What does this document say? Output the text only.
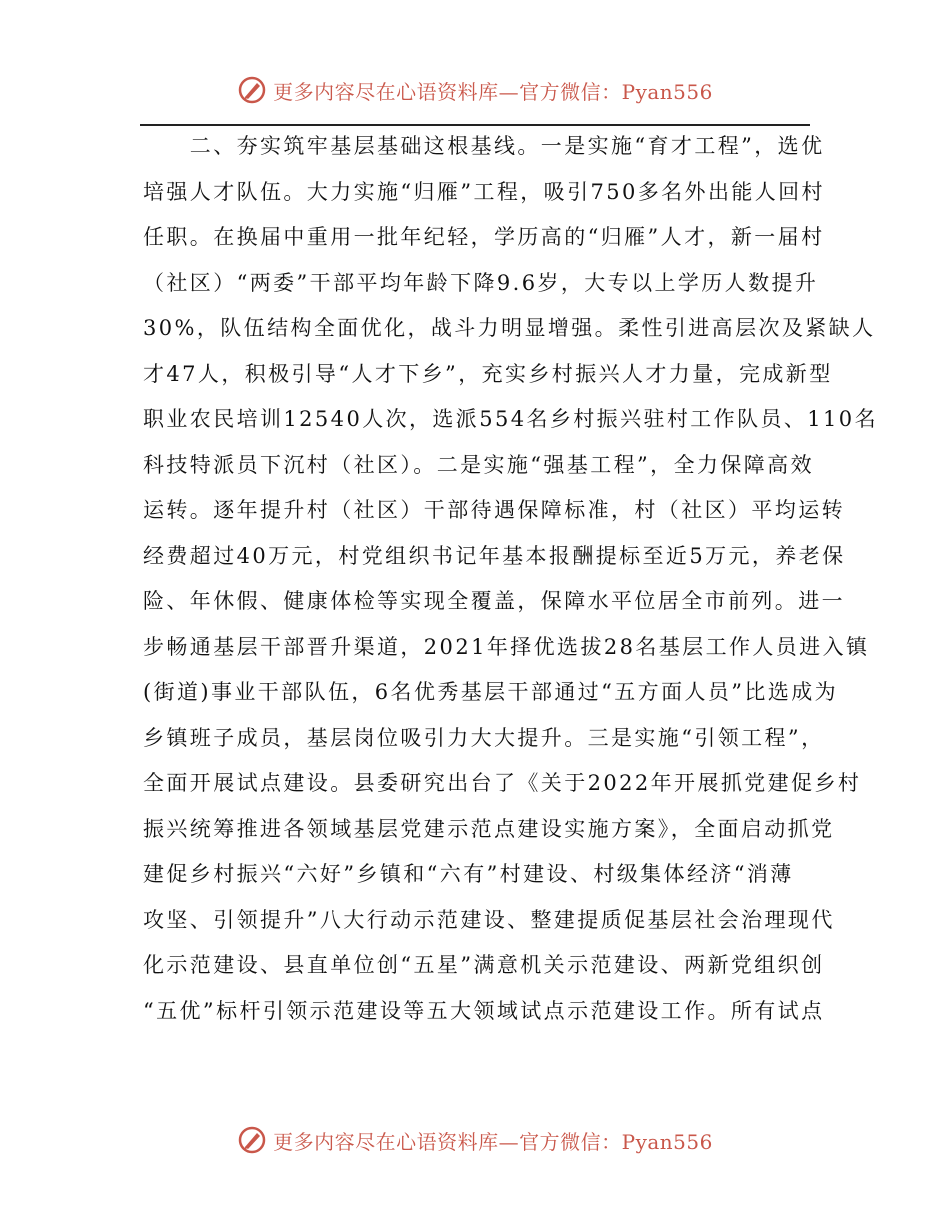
更多内容尽在心语资料库—官方微信：Pyan556
　　二、夯实筑牢基层基础这根基线。一是实施“育才工程”，选优
培强人才队伍。大力实施“归雁”工程，吸引750多名外出能人回村
任职。在换届中重用一批年纪轻，学历高的“归雁”人才，新一届村
（社区）“两委”干部平均年龄下降9.6岁，大专以上学历人数提升
30%，队伍结构全面优化，战斗力明显增强。柔性引进高层次及紧缺人
才47人，积极引导“人才下乡”，充实乡村振兴人才力量，完成新型
职业农民培训12540人次，选派554名乡村振兴驻村工作队员、110名
科技特派员下沉村（社区）。二是实施“强基工程”，全力保障高效
运转。逐年提升村（社区）干部待遇保障标准，村（社区）平均运转
经费超过40万元，村党组织书记年基本报酬提标至近5万元，养老保
险、年休假、健康体检等实现全覆盖，保障水平位居全市前列。进一
步畅通基层干部晋升渠道，2021年择优选拔28名基层工作人员进入镇
(街道)事业干部队伍，6名优秀基层干部通过“五方面人员”比选成为
乡镇班子成员，基层岗位吸引力大大提升。三是实施“引领工程”，
全面开展试点建设。县委研究出台了《关于2022年开展抓党建促乡村
振兴统筹推进各领域基层党建示范点建设实施方案》，全面启动抓党
建促乡村振兴“六好”乡镇和“六有”村建设、村级集体经济“消薄
攻坚、引领提升”八大行动示范建设、整建提质促基层社会治理现代
化示范建设、县直单位创“五星”满意机关示范建设、两新党组织创
“五优”标杆引领示范建设等五大领域试点示范建设工作。所有试点
更多内容尽在心语资料库—官方微信：Pyan556
